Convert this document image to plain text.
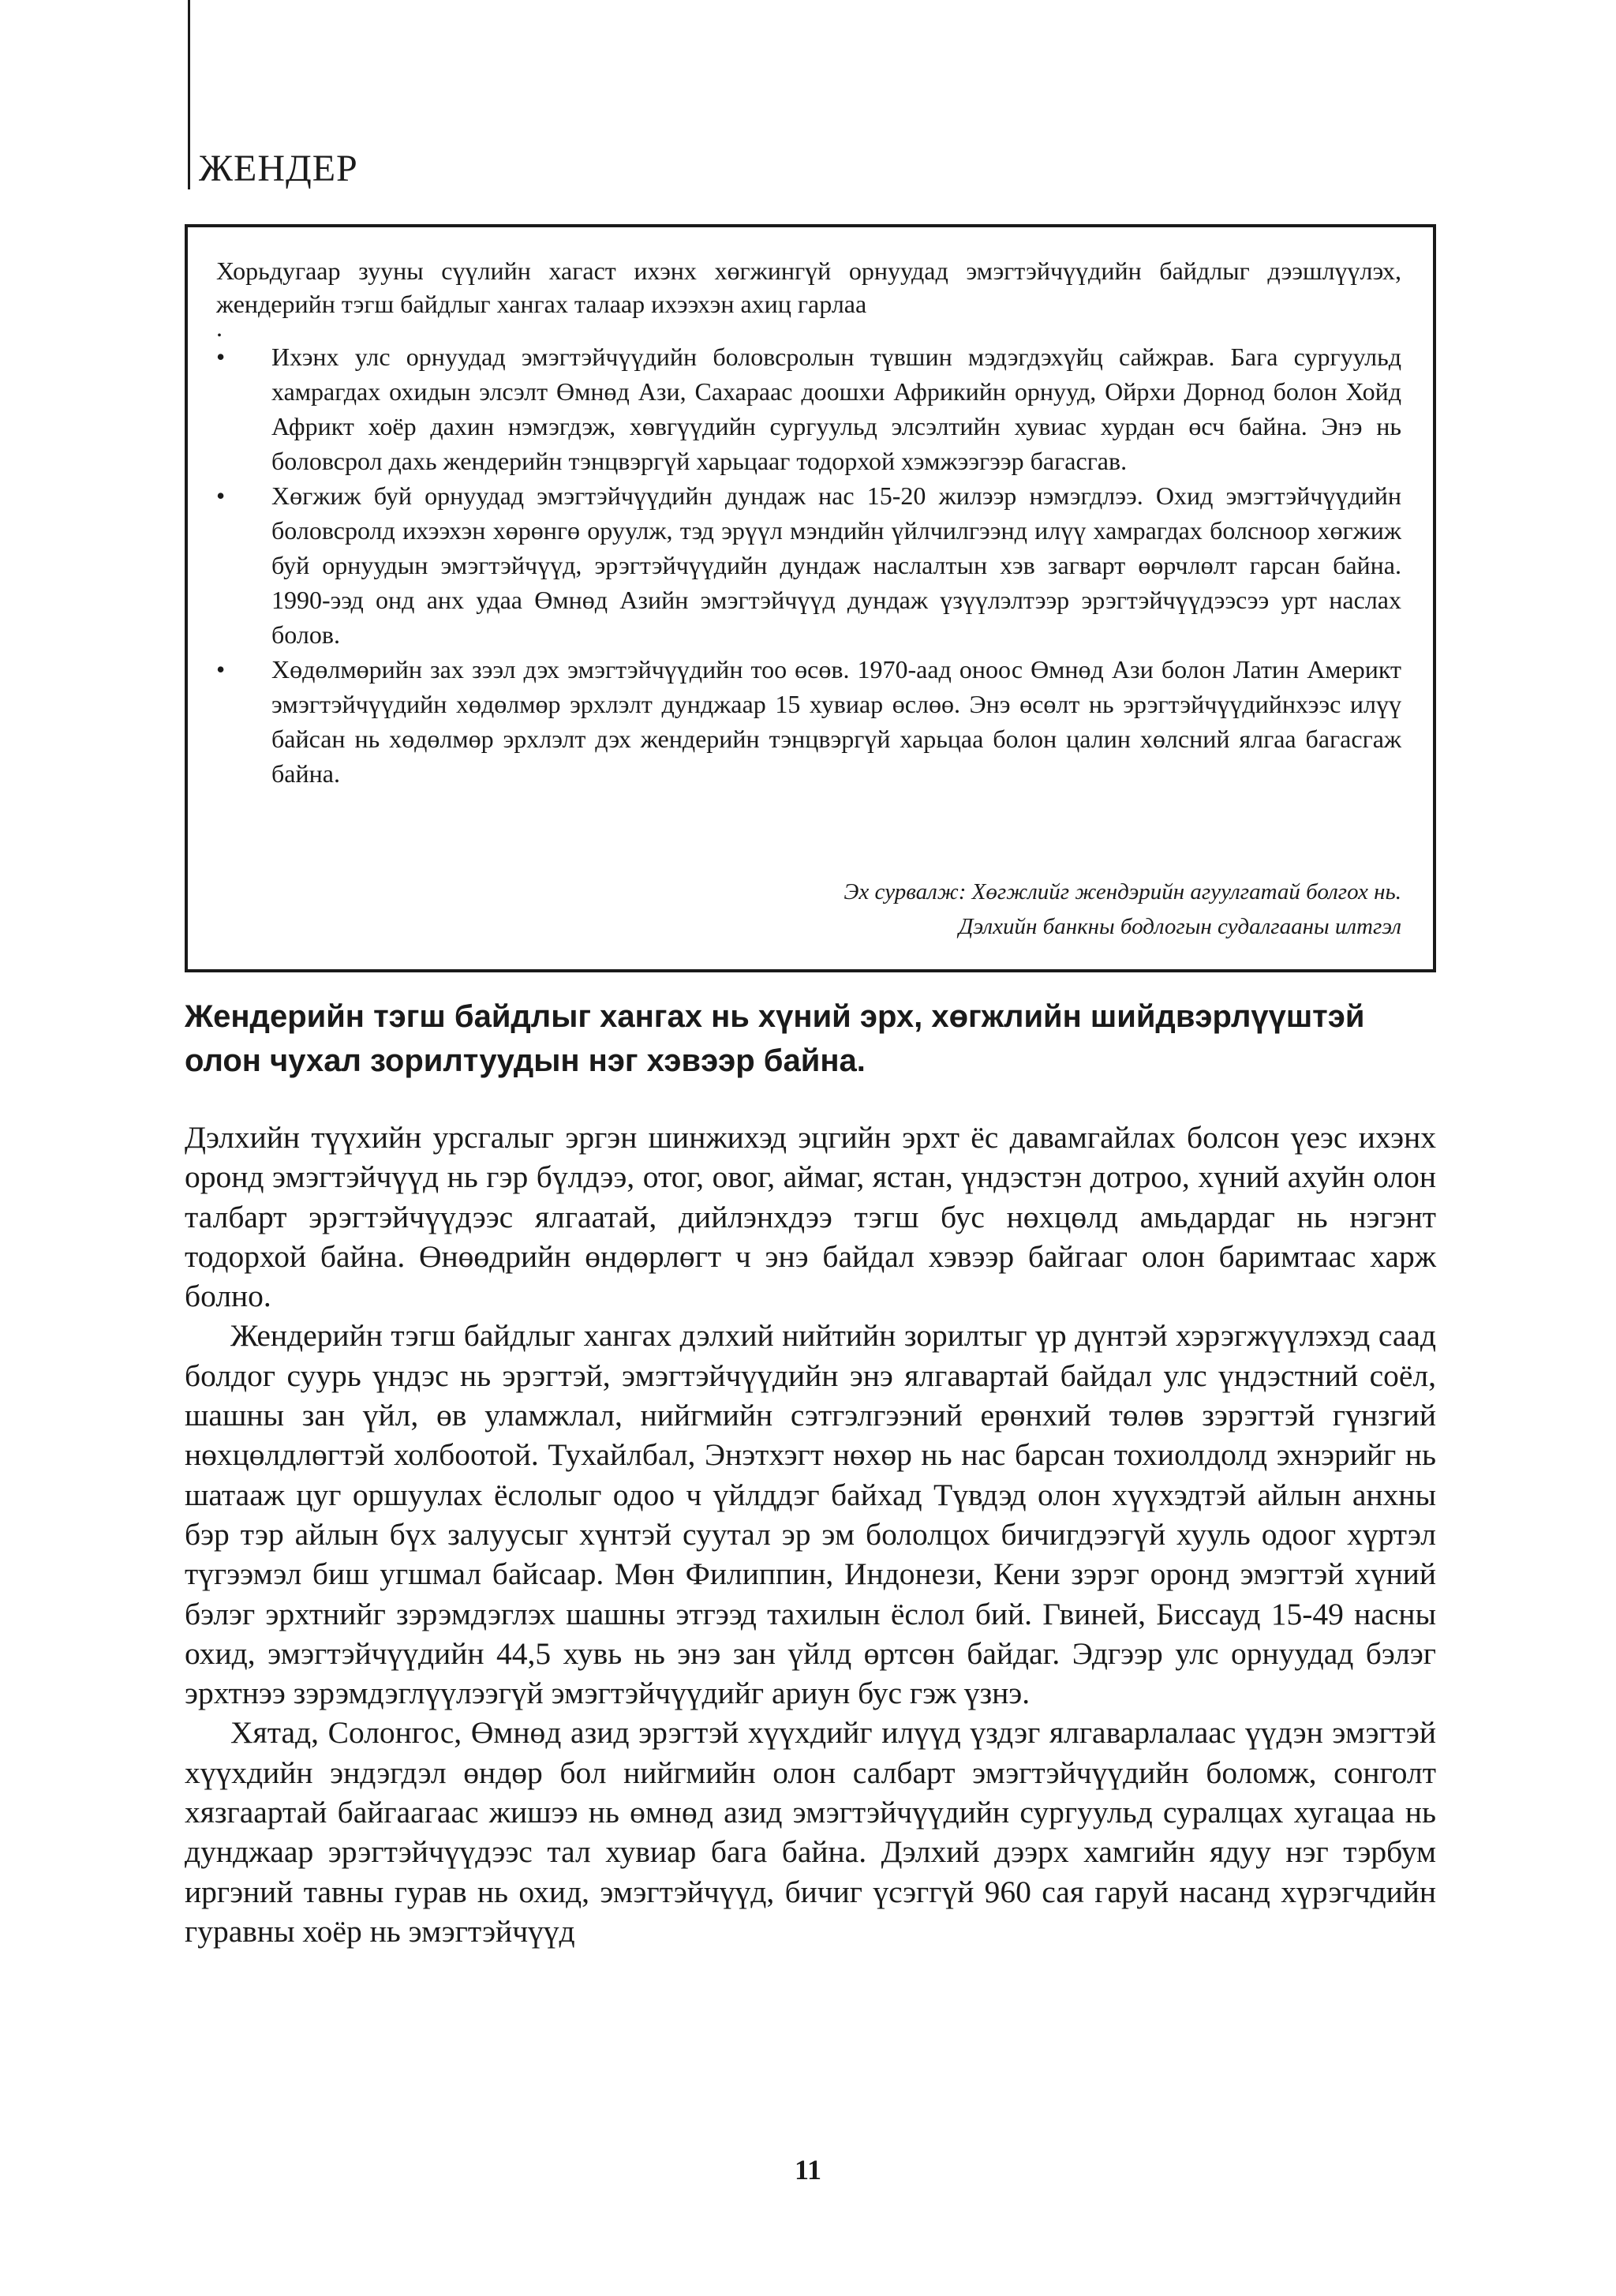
ЖЕНДЕР

Хорьдугаар зууны сүүлийн хагаст ихэнх хөгжингүй орнуудад эмэгтэйчүүдийн байдлыг дээшлүүлэх, жендерийн тэгш байдлыг хангах талаар ихээхэн ахиц гарлаа

.

• Ихэнх улс орнуудад эмэгтэйчүүдийн боловсролын түвшин мэдэгдэхүйц сайжрав. Бага сургуульд хамрагдах охидын элсэлт Өмнөд Ази, Сахараас доошхи Африкийн орнууд, Ойрхи Дорнод болон Хойд Африкт хоёр дахин нэмэгдэж, хөвгүүдийн сургуульд элсэлтийн хувиас хурдан өсч байна. Энэ нь боловсрол дахь жендерийн тэнцвэргүй харьцааг тодорхой хэмжээгээр багасгав.
• Хөгжиж буй орнуудад эмэгтэйчүүдийн дундаж нас 15-20 жилээр нэмэгдлээ. Охид эмэгтэйчүүдийн боловсролд ихээхэн хөрөнгө оруулж, тэд эрүүл мэндийн үйлчилгээнд илүү хамрагдах болсноор хөгжиж буй орнуудын эмэгтэйчүүд, эрэгтэйчүүдийн дундаж наслалтын хэв загварт өөрчлөлт гарсан байна. 1990-ээд онд анх удаа Өмнөд Азийн эмэгтэйчүүд дундаж үзүүлэлтээр эрэгтэйчүүдээсээ урт наслах болов.
• Хөдөлмөрийн зах зээл дэх эмэгтэйчүүдийн тоо өсөв. 1970-аад оноос Өмнөд Ази болон Латин Америкт эмэгтэйчүүдийн хөдөлмөр эрхлэлт дунджаар 15 хувиар өслөө. Энэ өсөлт нь эрэгтэйчүүдийнхээс илүү байсан нь хөдөлмөр эрхлэлт дэх жендерийн тэнцвэргүй харьцаа болон цалин хөлсний ялгаа багасгаж байна.
Эх сурвалж: Хөгжлийг жендэрийн агуулгатай болгох нь.
Дэлхийн банкны бодлогын судалгааны илтгэл

Жендерийн тэгш байдлыг хангах нь хүний эрх, хөгжлийн шийдвэрлүүштэй олон чухал зорилтуудын нэг хэвээр байна.

Дэлхийн түүхийн урсгалыг эргэн шинжихэд эцгийн эрхт ёс давамгайлах болсон үеэс ихэнх оронд эмэгтэйчүүд нь гэр бүлдээ, отог, овог, аймаг, ястан, үндэстэн дотроо, хүний ахуйн олон талбарт эрэгтэйчүүдээс ялгаатай, дийлэнхдээ тэгш бус нөхцөлд амьдардаг нь нэгэнт тодорхой байна. Өнөөдрийн өндөрлөгт ч энэ байдал хэвээр байгааг олон баримтаас харж болно.

Жендерийн тэгш байдлыг хангах дэлхий нийтийн зорилтыг үр дүнтэй хэрэгжүүлэхэд саад болдог суурь үндэс нь эрэгтэй, эмэгтэйчүүдийн энэ ялгавартай байдал улс үндэстний соёл, шашны зан үйл, өв уламжлал, нийгмийн сэтгэлгээний ерөнхий төлөв зэрэгтэй гүнзгий нөхцөлдлөгтэй холбоотой. Тухайлбал, Энэтхэгт нөхөр нь нас барсан тохиолдолд эхнэрийг нь шатааж цуг оршуулах ёслолыг одоо ч үйлддэг байхад Түвдэд олон хүүхэдтэй айлын анхны бэр тэр айлын бүх залуусыг хүнтэй суутал эр эм бололцох бичигдээгүй хууль одоог хүртэл түгээмэл биш угшмал байсаар. Мөн Филиппин, Индонези, Кени зэрэг оронд эмэгтэй хүний бэлэг эрхтнийг зэрэмдэглэх шашны этгээд тахилын ёслол бий. Гвиней, Биссауд 15-49 насны охид, эмэгтэйчүүдийн 44,5 хувь нь энэ зан үйлд өртсөн байдаг. Эдгээр улс орнуудад бэлэг эрхтнээ зэрэмдэглүүлээгүй эмэгтэйчүүдийг ариун бус гэж үзнэ.

Хятад, Солонгос, Өмнөд азид эрэгтэй хүүхдийг илүүд үздэг ялгаварлалаас үүдэн эмэгтэй хүүхдийн эндэгдэл өндөр бол нийгмийн олон салбарт эмэгтэйчүүдийн боломж, сонголт хязгаартай байгаагаас жишээ нь өмнөд азид эмэгтэйчүүдийн сургуульд суралцах хугацаа нь дунджаар эрэгтэйчүүдээс тал хувиар бага байна. Дэлхий дээрх хамгийн ядуу нэг тэрбум иргэний тавны гурав нь охид, эмэгтэйчүүд, бичиг үсэггүй 960 сая гаруй насанд хүрэгчдийн гуравны хоёр нь эмэгтэйчүүд

11
